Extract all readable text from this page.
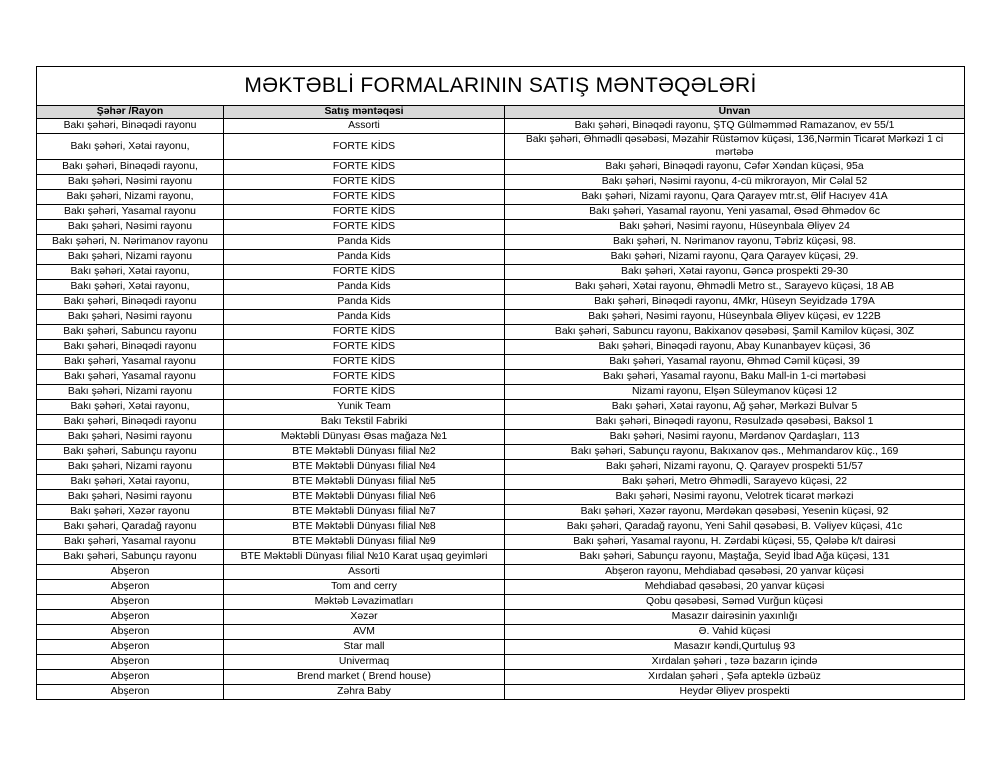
MƏKTƏBLİ FORMALARININ SATIŞ MƏNTƏQƏLƏRİ		
Şəhər /Rayon	Satış məntəqəsi	Ünvan
Bakı şəhəri, Binəqədi rayonu	Assorti	Bakı şəhəri, Binəqədi rayonu, ŞTQ Gülməmməd Ramazanov, ev 55/1
Bakı şəhəri, Xətai rayonu,	FORTE KİDS	Bakı şəhəri, Əhmədli qəsəbəsi, Məzahir Rüstəmov küçəsi, 136,Nərmin Ticarət Mərkəzi 1 ci mərtəbə
Bakı şəhəri, Binəqədi rayonu,	FORTE KİDS	Bakı şəhəri, Binəqədi rayonu, Cəfər Xəndan küçəsi, 95a
Bakı şəhəri, Nəsimi rayonu	FORTE KİDS	Bakı şəhəri, Nəsimi rayonu, 4-cü mikrorayon, Mir Cəlal 52
Bakı şəhəri, Nizami rayonu,	FORTE KİDS	Bakı şəhəri, Nizami rayonu, Qara Qarayev mtr.st, Əlif Hacıyev 41A
Bakı şəhəri, Yasamal rayonu	FORTE KİDS	Bakı şəhəri, Yasamal rayonu, Yeni yasamal, Əsəd Əhmədov 6c
Bakı şəhəri, Nəsimi rayonu	FORTE KİDS	Bakı şəhəri, Nəsimi rayonu, Hüseynbala Əliyev 24
Bakı şəhəri, N. Nərimanov rayonu	Panda Kids	Bakı şəhəri, N. Nərimanov rayonu, Təbriz küçəsi, 98.
Bakı şəhəri, Nizami rayonu	Panda Kids	Bakı şəhəri, Nizami rayonu, Qara Qarayev küçəsi, 29.
Bakı şəhəri, Xətai rayonu,	FORTE KİDS	Bakı şəhəri, Xətai rayonu, Gəncə prospekti 29-30
Bakı şəhəri, Xətai rayonu,	Panda Kids	Bakı şəhəri, Xətai rayonu, Əhmədli Metro st., Sarayevo küçəsi, 18 AB
Bakı şəhəri, Binəqədi rayonu	Panda Kids	Bakı şəhəri, Binəqədi rayonu, 4Mkr, Hüseyn Seyidzadə 179A
Bakı şəhəri, Nəsimi rayonu	Panda Kids	Bakı şəhəri, Nəsimi rayonu, Hüseynbala Əliyev küçəsi, ev 122B
Bakı şəhəri, Sabuncu rayonu	FORTE KİDS	Bakı şəhəri, Sabuncu rayonu, Bakixanov qəsəbəsi, Şamil Kamilov küçəsi, 30Z
Bakı şəhəri, Binəqədi rayonu	FORTE KİDS	Bakı şəhəri, Binəqədi rayonu, Abay Kunanbayev küçəsi, 36
Bakı şəhəri, Yasamal rayonu	FORTE KİDS	Bakı şəhəri, Yasamal rayonu, Əhməd Cəmil küçəsi, 39
Bakı şəhəri, Yasamal rayonu	FORTE KİDS	Bakı şəhəri, Yasamal rayonu, Baku Mall-in 1-ci mərtəbəsi
Bakı şəhəri, Nizami rayonu	FORTE KİDS	Nizami rayonu, Elşən Süleymanov küçəsi 12
Bakı şəhəri, Xətai rayonu,	Yunik Team	Bakı şəhəri, Xətai rayonu, Ağ şəhər, Mərkəzi Bulvar 5
Bakı şəhəri, Binəqədi rayonu	Bakı Tekstil Fabriki	Bakı şəhəri, Binəqədi rayonu, Rəsulzadə qəsəbəsi, Baksol 1
Bakı şəhəri, Nəsimi rayonu	Məktəbli Dünyası Əsas mağaza №1	Bakı şəhəri, Nəsimi rayonu, Mərdənov Qardaşları, 113
Bakı şəhəri, Sabunçu rayonu	BTE Məktəbli Dünyası filial №2	Bakı şəhəri, Sabunçu rayonu, Bakıxanov qəs., Mehmandarov küç., 169
Bakı şəhəri, Nizami rayonu	BTE Məktəbli Dünyası filial №4	Bakı şəhəri, Nizami rayonu, Q. Qarayev prospekti 51/57
Bakı şəhəri, Xətai rayonu,	BTE Məktəbli Dünyası filial №5	Bakı şəhəri, Metro Əhmədli, Sarayevo küçəsi, 22
Bakı şəhəri, Nəsimi rayonu	BTE Məktəbli Dünyası filial №6	Bakı şəhəri, Nəsimi rayonu, Velotrek ticarət mərkəzi
Bakı şəhəri, Xəzər rayonu	BTE Məktəbli Dünyası filial №7	Bakı şəhəri, Xəzər rayonu, Mərdəkan qəsəbəsi, Yesenin küçəsi, 92
Bakı şəhəri, Qaradağ rayonu	BTE Məktəbli Dünyası filial №8	Bakı şəhəri, Qaradağ rayonu, Yeni Sahil qəsəbəsi, B. Vəliyev küçəsi, 41c
Bakı şəhəri, Yasamal rayonu	BTE Məktəbli Dünyası filial №9	Bakı şəhəri, Yasamal rayonu, H. Zərdabi küçəsi, 55, Qələbə k/t dairəsi
Bakı şəhəri, Sabunçu rayonu	BTE Məktəbli Dünyası filial №10 Karat uşaq geyimləri	Bakı şəhəri, Sabunçu rayonu, Maştağa, Seyid İbad Ağa küçəsi, 131
Abşeron	Assorti	Abşeron rayonu, Mehdiabad qəsəbəsi, 20 yanvar küçəsi
Abşeron	Tom and cerry	Mehdiabad qəsəbəsi, 20 yanvar küçəsi
Abşeron	Məktəb Ləvazimatları	Qobu qəsəbəsi, Səməd Vurğun küçəsi
Abşeron	Xəzər	Masazır dairəsinin yaxınlığı
Abşeron	AVM	Ə. Vahid küçəsi
Abşeron	Star mall	Masazır kəndi,Qurtuluş 93
Abşeron	Univermaq	Xırdalan şəhəri , təzə bazarın içində
Abşeron	Brend market ( Brend house)	Xırdalan şəhəri , Şəfa apteklə üzbəüz
Abşeron	Zəhra Baby	Heydər Əliyev prospekti
